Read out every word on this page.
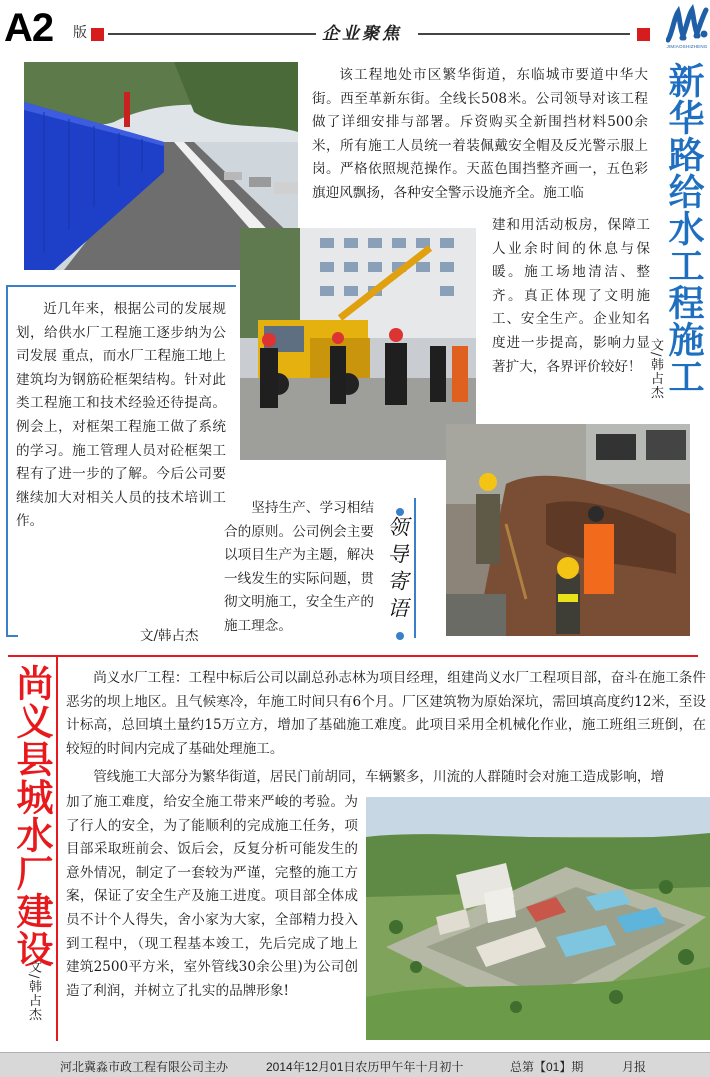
A2 版	企业聚焦
JIMIAOSHIZHENG
该工程地处市区繁华街道，东临城市要道中华大街。西至革新东街。全线长508米。公司领导对该工程做了详细安排与部署。斥资购买全新围挡材料500余米，所有施工人员统一着装佩戴安全帽及反光警示服上岗。严格依照规范操作。天蓝色围挡整齐画一，五色彩旗迎风飘扬，各种安全警示设施齐全。施工临
建和用活动板房，保障工人业余时间的休息与保暖。施工场地清洁、整齐。真正体现了文明施工、安全生产。企业知名度进一步提高，影响力显著扩大，各界评价较好！ 新华路给水工程施工
文/韩占杰
近几年来，根据公司的发展规划，给供水厂工程施工逐步纳为公司发展 重点，而水厂工程施工地上建筑均为钢筋砼框架结构。针对此类工程施工和技术经验还待提高。例会上，对框架工程施工做了系统的学习。施工管理人员对砼框架工程有了进一步的了解。今后公司要继续加大对相关人员的技术培训工作。
文/韩占杰
坚持生产、学习相结合的原则。公司例会主要以项目生产为主题，解决一线发生的实际问题，贯彻文明施工，安全生产的施工理念。
领导寄语
尚义县城水厂建设
文/韩占杰
尚义水厂工程：工程中标后公司以副总孙志林为项目经理，组建尚义水厂工程项目部，奋斗在施工条件恶劣的坝上地区。且气候寒冷，年施工时间只有6个月。厂区建筑物为原始深坑，需回填高度约12米，至设计标高，总回填土量约15万立方，增加了基础施工难度。此项目采用全机械化作业，施工班组三班倒，在较短的时间内完成了基础处理施工。
管线施工大部分为繁华街道，居民门前胡同，车辆繁多，川流的人群随时会对施工造成影响，增
加了施工难度，给安全施工带来严峻的考验。为了行人的安全，为了能顺利的完成施工任务，项目部采取班前会、饭后会，反复分析可能发生的意外情况，制定了一套较为严谨，完整的施工方案，保证了安全生产及施工进度。项目部全体成员不计个人得失，舍小家为大家，全部精力投入到工程中，（现工程基本竣工，先后完成了地上建筑2500平方米，室外管线30余公里)为公司创造了利润，并树立了扎实的品牌形象!
河北冀淼市政工程有限公司主办	2014年12月01日农历甲午年十月初十	总第【01】期	月报
